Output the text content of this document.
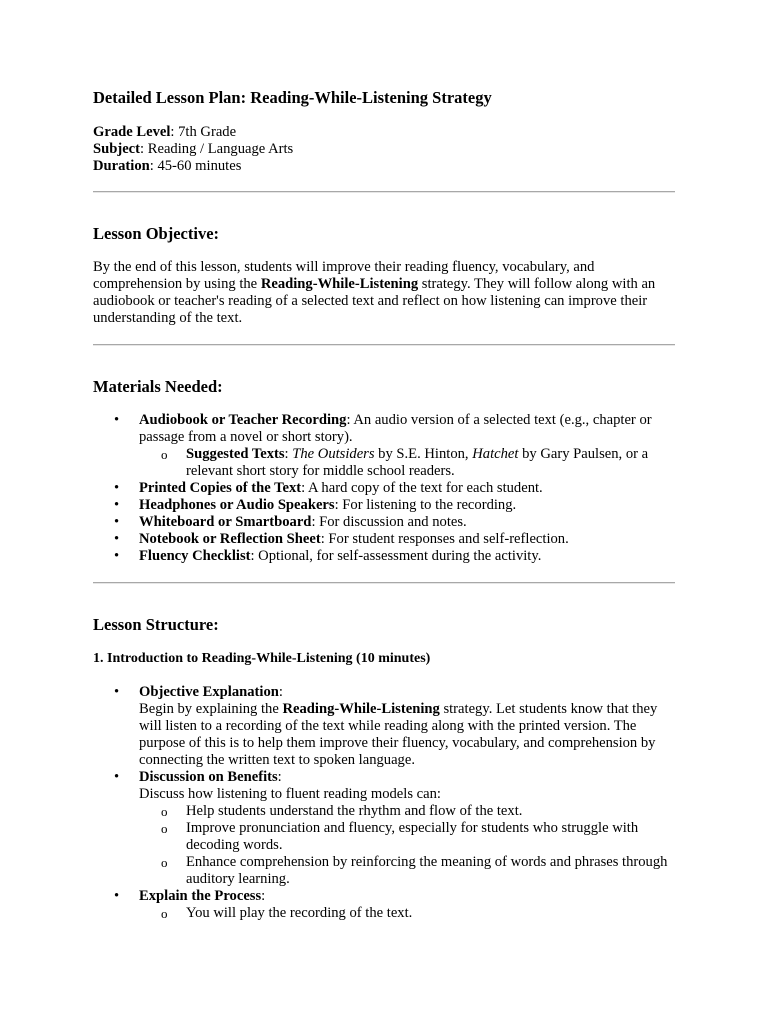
Detailed Lesson Plan: Reading-While-Listening Strategy

Grade Level: 7th Grade

Subject: Reading / Language Arts

Duration: 45-60 minutes

Lesson Objective:

By the end of this lesson, students will improve their reading fluency, vocabulary, and comprehension by using the Reading-While-Listening strategy. They will follow along with an audiobook or teacher's reading of a selected text and reflect on how listening can improve their understanding of the text.

Materials Needed:
• Audiobook or Teacher Recording: An audio version of a selected text (e.g., chapter or passage from a novel or short story).
o Suggested Texts: The Outsiders by S.E. Hinton, Hatchet by Gary Paulsen, or a relevant short story for middle school readers.
• Printed Copies of the Text: A hard copy of the text for each student.
• Headphones or Audio Speakers: For listening to the recording.
• Whiteboard or Smartboard: For discussion and notes.
• Notebook or Reflection Sheet: For student responses and self-reflection.
• Fluency Checklist: Optional, for self-assessment during the activity.
Lesson Structure:
1. Introduction to Reading-While-Listening (10 minutes)
• Objective Explanation:
Begin by explaining the Reading-While-Listening strategy. Let students know that they will listen to a recording of the text while reading along with the printed version. The purpose of this is to help them improve their fluency, vocabulary, and comprehension by connecting the written text to spoken language.
• Discussion on Benefits:
Discuss how listening to fluent reading models can:
o Help students understand the rhythm and flow of the text.
o Improve pronunciation and fluency, especially for students who struggle with decoding words.
o Enhance comprehension by reinforcing the meaning of words and phrases through auditory learning.
• Explain the Process:
o You will play the recording of the text.
